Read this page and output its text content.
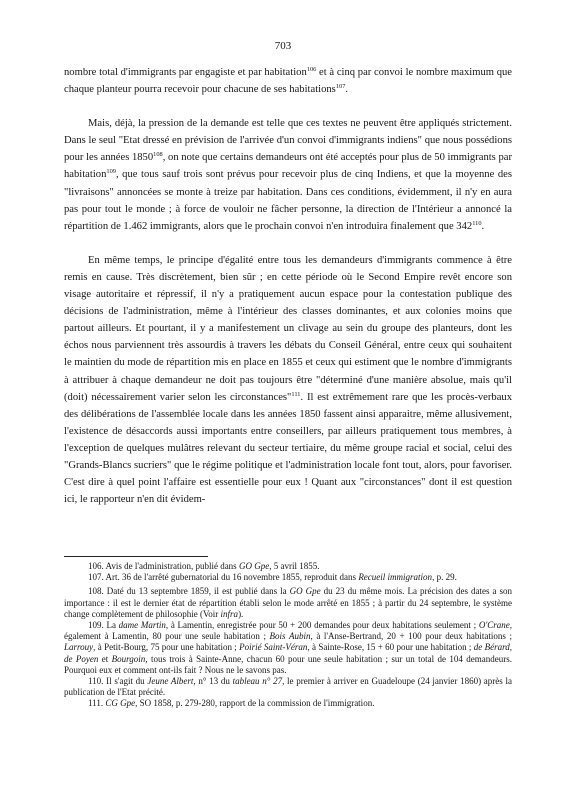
703

nombre total d'immigrants par engagiste et par habitation$^{106}$ et à cinq par convoi le nombre maximum que chaque planteur pourra recevoir pour chacune de ses habitations$^{107}$.

Mais, déjà, la pression de la demande est telle que ces textes ne peuvent être appliqués strictement. Dans le seul "Etat dressé en prévision de l'arrivée d'un convoi d'immigrants indiens" que nous possédions pour les années 1850$^{108}$, on note que certains demandeurs ont été acceptés pour plus de 50 immigrants par habitation$^{109}$, que tous sauf trois sont prévus pour recevoir plus de cinq Indiens, et que la moyenne des "livraisons" annoncées se monte à treize par habitation. Dans ces conditions, évidemment, il n'y en aura pas pour tout le monde ; à force de vouloir ne fâcher personne, la direction de l'Intérieur a annoncé la répartition de 1.462 immigrants, alors que le prochain convoi n'en introduira finalement que $342^{110}$.

En même temps, le principe d'égalité entre tous les demandeurs d'immigrants commence à être remis en cause. Très discrètement, bien sûr ; en cette période où le Second Empire revêt encore son visage autoritaire et répressif, il n'y a pratiquement aucun espace pour la contestation publique des décisions de l'administration, même à l'intérieur des classes dominantes, et aux colonies moins que partout ailleurs. Et pourtant, il y a manifestement un clivage au sein du groupe des planteurs, dont les échos nous parviennent très assourdis à travers les débats du Conseil Général, entre ceux qui souhaitent le maintien du mode de répartition mis en place en 1855 et ceux qui estiment que le nombre d'immigrants à attribuer à chaque demandeur ne doit pas toujours être "déterminé d'une manière absolue, mais qu'il (doit) nécessairement varier selon les circonstances"$^{111}$. Il est extrêmement rare que les procès-verbaux des délibérations de l'assemblée locale dans les années 1850 fassent ainsi apparaitre, même allusivement, l'existence de désaccords aussi importants entre conseillers, par ailleurs pratiquement tous membres, à l'exception de quelques mulâtres relevant du secteur tertiaire, du même groupe racial et social, celui des "Grands-Blancs sucriers" que le régime politique et l'administration locale font tout, alors, pour favoriser. C'est dire à quel point l'affaire est essentielle pour eux ! Quant aux "circonstances" dont il est question ici, le rapporteur n'en dit évidem-

106. Avis de l'administration, publié dans GO Gpe, 5 avril 1855.

107. Art. 36 de l'arrêté gubernatorial du 16 novembre 1855, reproduit dans Recueil immigration, p. 29.

108. Daté du 13 septembre 1859, il est publié dans la GO Gpe du 23 du même mois. La précision des dates a son importance : il est le dernier état de répartition établi selon le mode arrêté en 1855 ; à partir du 24 septembre, le système change complètement de philosophie (Voir infra).

109. La dame Martin, à Lamentin, enregistrée pour 50 + 200 demandes pour deux habitations seulement ; O'Crane, également à Lamentin, 80 pour une seule habitation ; Bois Aubin, à l'Anse-Bertrand, 20 + 100 pour deux habitations ; Larrouy, à Petit-Bourg, 75 pour une habitation ; Poirié Saint-Véran, à Sainte-Rose, 15 + 60 pour une habitation ; de Bérard, de Poyen et Bourgoin, tous trois à Sainte-Anne, chacun 60 pour une seule habitation ; sur un total de 104 demandeurs. Pourquoi eux et comment ont-ils fait ? Nous ne le savons pas.

110. Il s'agit du Jeune Albert, n° 13 du tableau n° 27, le premier à arriver en Guadeloupe (24 janvier 1860) après la publication de l'Etat précité.

111. CG Gpe, SO 1858, p. 279-280, rapport de la commission de l'immigration.
